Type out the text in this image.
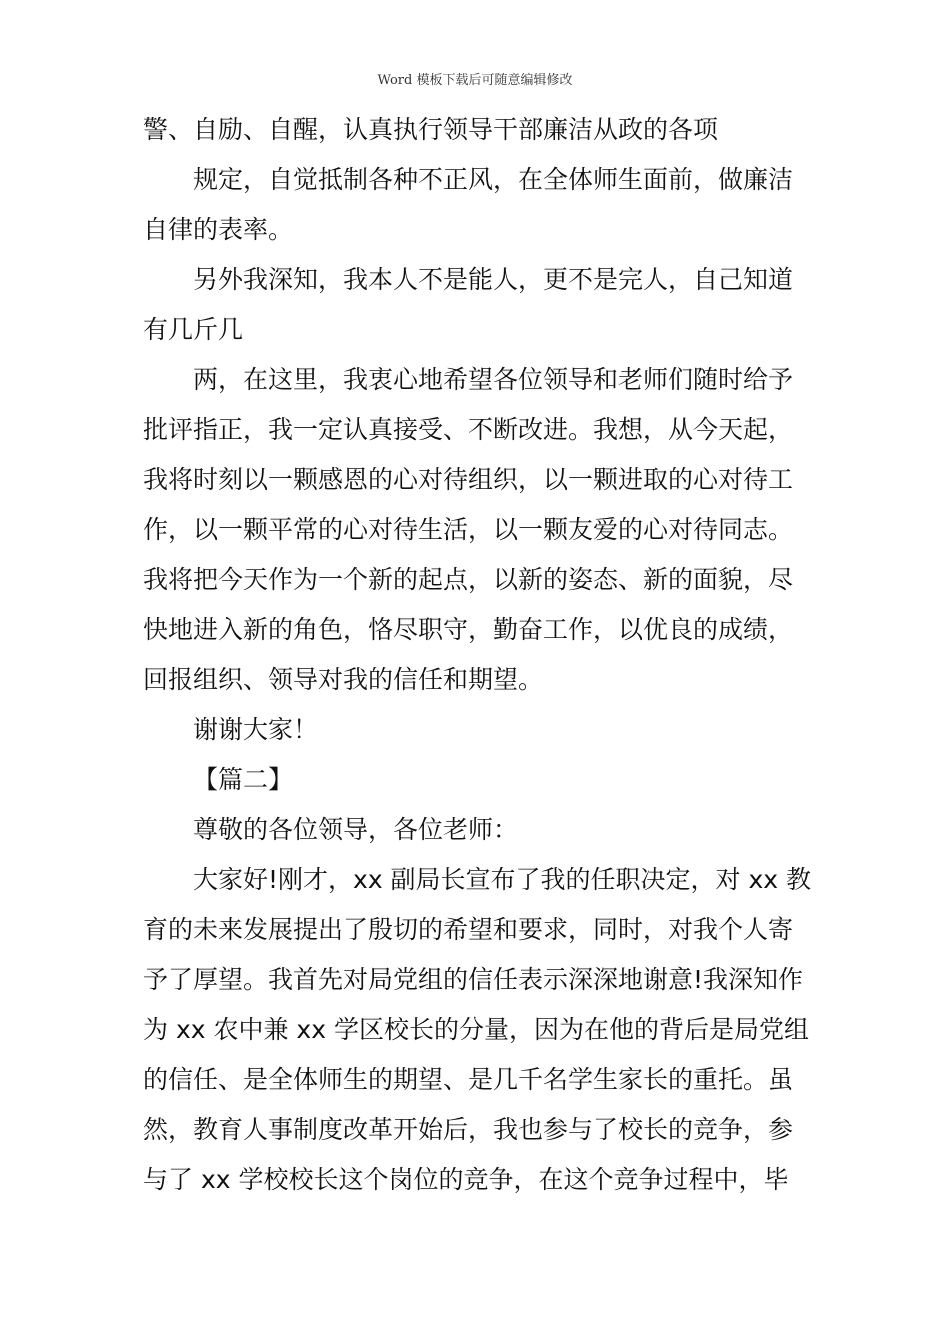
Word 模板下载后可随意编辑修改
警、自励、自醒，认真执行领导干部廉洁从政的各项
规定，自觉抵制各种不正风，在全体师生面前，做廉洁
自律的表率。
另外我深知，我本人不是能人，更不是完人，自己知道
有几斤几
两，在这里，我衷心地希望各位领导和老师们随时给予
批评指正，我一定认真接受、不断改进。我想，从今天起，
我将时刻以一颗感恩的心对待组织，以一颗进取的心对待工
作，以一颗平常的心对待生活，以一颗友爱的心对待同志。
我将把今天作为一个新的起点，以新的姿态、新的面貌，尽
快地进入新的角色，恪尽职守，勤奋工作，以优良的成绩，
回报组织、领导对我的信任和期望。
谢谢大家！
【篇二】
尊敬的各位领导，各位老师：
大家好!刚才，xx 副局长宣布了我的任职决定，对 xx 教
育的未来发展提出了殷切的希望和要求，同时，对我个人寄
予了厚望。我首先对局党组的信任表示深深地谢意!我深知作
为 xx 农中兼 xx 学区校长的分量，因为在他的背后是局党组
的信任、是全体师生的期望、是几千名学生家长的重托。虽
然，教育人事制度改革开始后，我也参与了校长的竞争，参
与了 xx 学校校长这个岗位的竞争，在这个竞争过程中，毕
